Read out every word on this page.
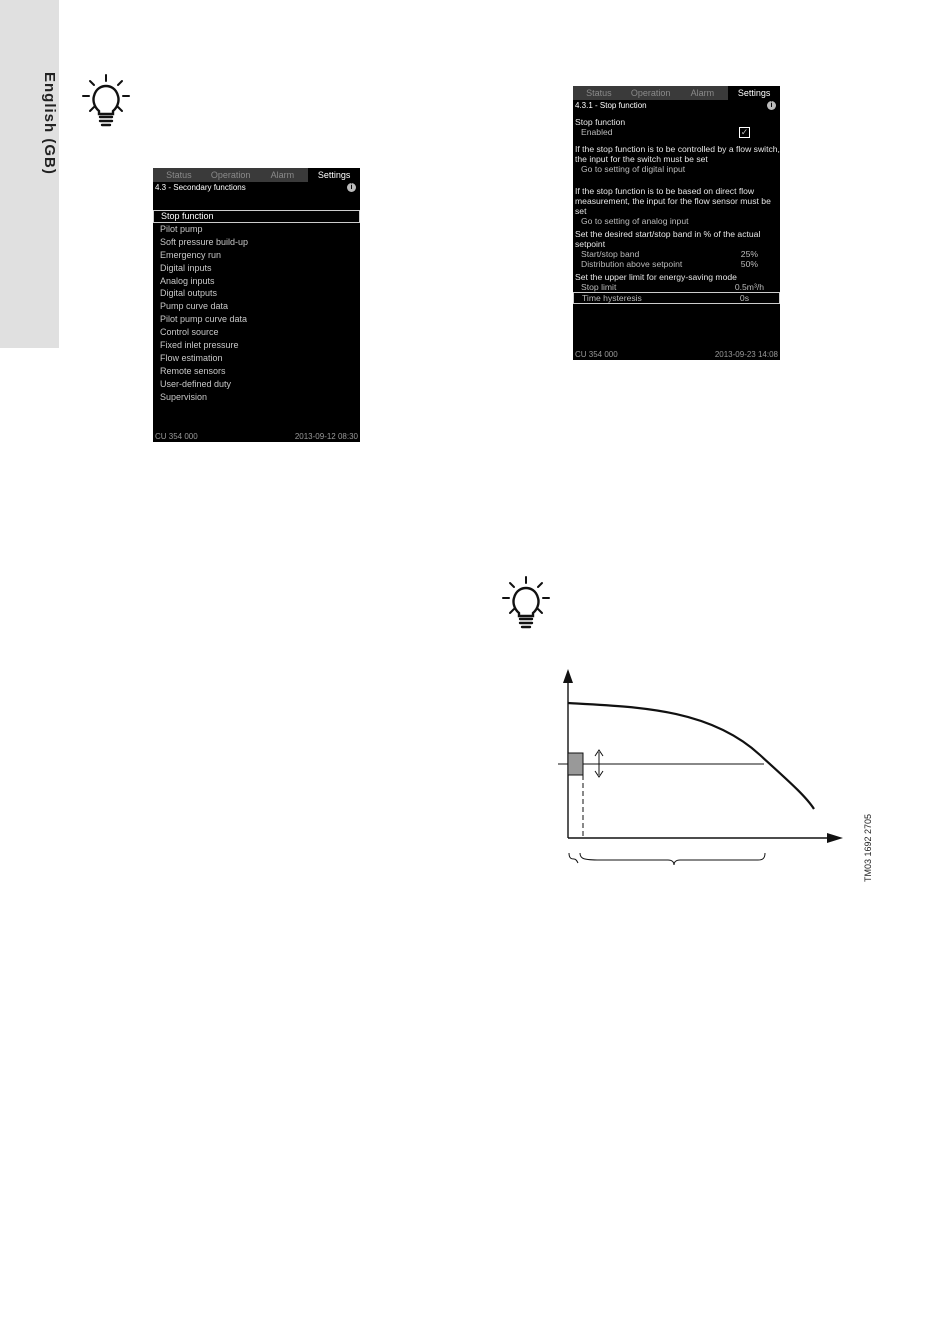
English (GB)
Status	Operation	Alarm	Settings
4.3 - Secondary functions	i
Stop function
Pilot pump
Soft pressure build-up
Emergency run
Digital inputs
Analog inputs
Digital outputs
Pump curve data
Pilot pump curve data
Control source
Fixed inlet pressure
Flow estimation
Remote sensors
User-defined duty
Supervision
CU 354 000	2013-09-12 08:30
Status	Operation	Alarm	Settings
4.3.1 - Stop function	i
Stop function
Enabled	✓
If the stop function is to be controlled by a flow switch, the input for the switch must be set
Go to setting of digital input
If the stop function is to be based on direct flow measurement, the input for the flow sensor must be set
Go to setting of analog input
Set the desired start/stop band in % of the actual setpoint
Start/stop band	25%
Distribution above setpoint	50%
Set the upper limit for energy-saving mode
Stop limit	0.5m³/h
Time hysteresis	0s
CU 354 000	2013-09-23 14:08
TM03 1692 2705
